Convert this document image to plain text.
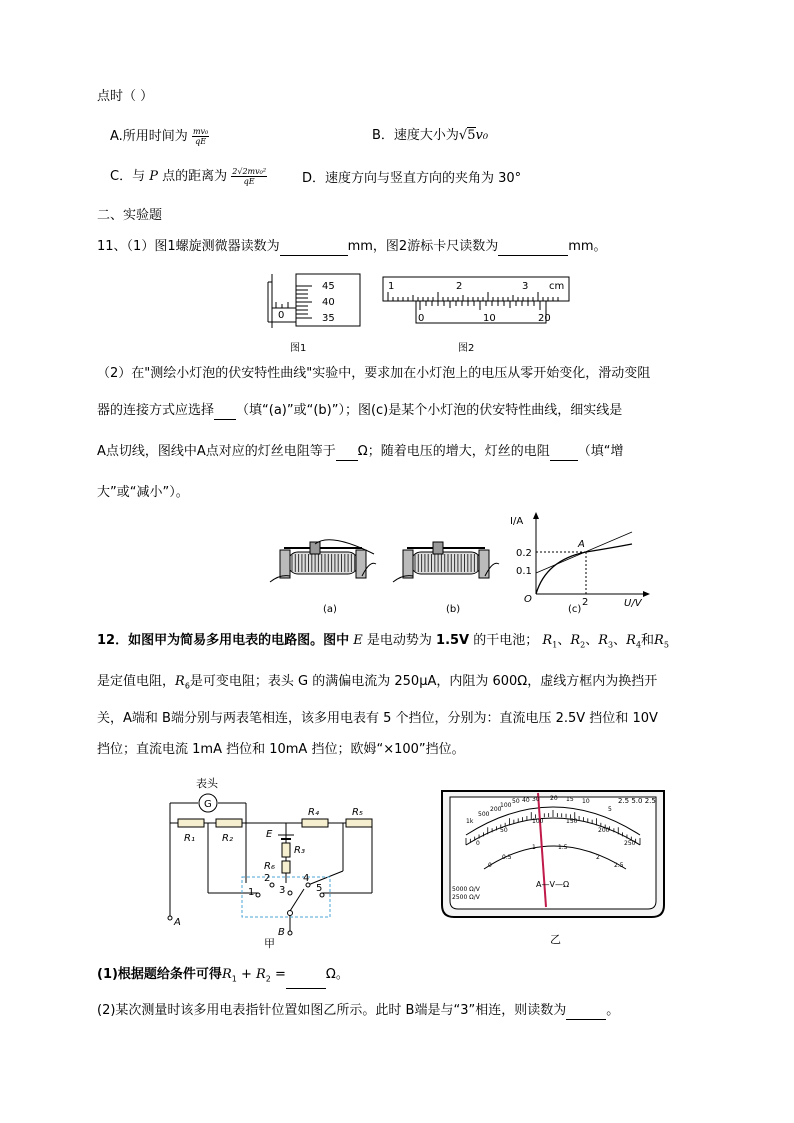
点时（ ）
A.所用时间为 $\frac{\text{mv₀}}{qE}$	B．速度大小为√5v₀
C．与 P 点的距离为 $\frac{\text{2√2mv₀²}}{qE}$	D．速度方向与竖直方向的夹角为 30°
二、实验题
11、（1）图1螺旋测微器读数为	mm，图2游标卡尺读数为	mm。
45
40
35
0
图1
1	2	3 cm
0	10	20
图2
（2）在"测绘小灯泡的伏安特性曲线"实验中，要求加在小灯泡上的电压从零开始变化，滑动变阻
器的连接方式应选择 （填“(a)”或“(b)”）；图(c)是某个小灯泡的伏安特性曲线，细实线是
A点切线，图线中A点对应的灯丝电阻等于 Ω；随着电压的增大，灯丝的电阻 （填“增
大”或“减小”）。
(a)	(b)
I/A
U/V
0.2
0.1
O	2
A
(c)
12．如图甲为简易多用电表的电路图。图中 E 是电动势为 1.5V 的干电池； $R_1$、$R_2$、$R_3$、$R_4$和$R_5$
是定值电阻，$R_6$是可变电阻；表头 G 的满偏电流为 250μA，内阻为 600Ω，虚线方框内为换挡开
关，A端和 B端分别与两表笔相连，该多用电表有 5 个挡位，分别为：直流电压 2.5V 挡位和 10V
挡位；直流电流 1mA 挡位和 10mA 挡位；欧姆“×100”挡位。
表头
G
R₁	R₂	E
R₃
R₄	R₅
R₆
1
2
3
4
5
A
B
甲
1k
500
200
100
50 40 30 20 15 10
5
0
50
100	150
200
250
0
0.5
1	1.5
2
2.5
A—V—Ω
5000 Ω/V
2500 Ω/V
2.5 5.0 2.5
乙
(1)根据题给条件可得$R_1 + R_2$ =	Ω。
(2)某次测量时该多用电表指针位置如图乙所示。此时 B端是与“3”相连，则读数为	。
